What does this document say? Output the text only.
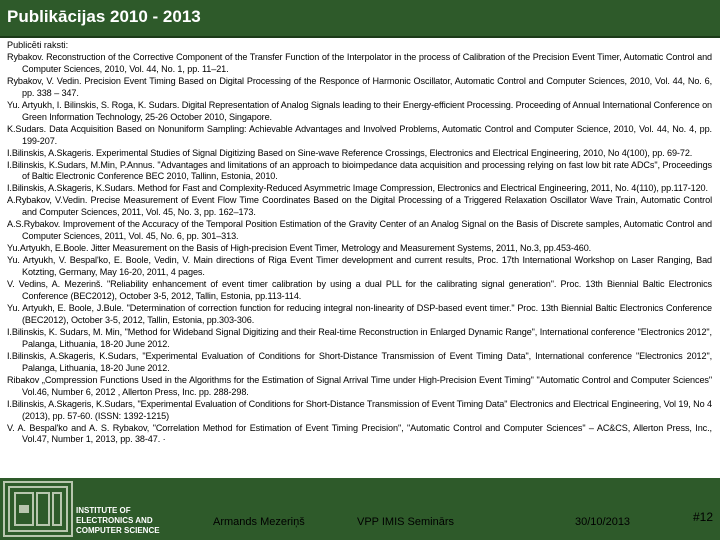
Publikācijas 2010 - 2013

Publicēti raksti:

Rybakov. Reconstruction of the Corrective Component of the Transfer Function of the Interpolator in the process of Calibration of the Precision Event Timer, Automatic Control and Computer Sciences, 2010, Vol. 44, No. 1, pp. 11–21.
Rybakov, V. Vedin. Precision Event Timing Based on Digital Processing of the Responce of Harmonic Oscillator, Automatic Control and Computer Sciences, 2010, Vol. 44, No. 6, pp. 338 – 347.
Yu. Artyukh, I. Bilinskis, S. Roga, K. Sudars. Digital Representation of Analog Signals leading to their Energy-efficient Processing. Proceeding of Annual International Conference on Green Information Technology, 25-26 October 2010, Singapore.
K.Sudars. Data Acquisition Based on Nonuniform Sampling: Achievable Advantages and Involved Problems, Automatic Control and Computer Science, 2010, Vol. 44, No. 4, pp. 199-207.
I.Bilinskis, A.Skageris. Experimental Studies of Signal Digitizing Based on Sine-wave Reference Crossings, Electronics and Electrical Engineering, 2010, No 4(100), pp. 69-72.
I.Bilinskis, K.Sudars, M.Min, P.Annus. "Advantages and limitations of an approach to bioimpedance data acquisition and processing relying on fast low bit rate ADCs", Proceedings of Baltic Electronic Conference BEC 2010, Tallinn, Estonia, 2010.
I.Bilinskis, A.Skageris, K.Sudars. Method for Fast and Complexity-Reduced Asymmetric Image Compression, Electronics and Electrical Engineering, 2011, No. 4(110), pp.117-120.
A.Rybakov, V.Vedin. Precise Measurement of Event Flow Time Coordinates Based on the Digital Processing of a Triggered Relaxation Oscillator Wave Train, Automatic Control and Computer Sciences, 2011, Vol. 45, No. 3, pp. 162–173.
A.S.Rybakov. Improvement of the Accuracy of the Temporal Position Estimation of the Gravity Center of an Analog Signal on the Basis of Discrete samples, Automatic Control and Computer Sciences, 2011, Vol. 45, No. 6, pp. 301–313.
Yu.Artyukh, E.Boole. Jitter Measurement on the Basis of High-precision Event Timer, Metrology and Measurement Systems, 2011, No.3, pp.453-460.
Yu. Artyukh, V. Bespal'ko, E. Boole, Vedin, V. Main directions of Riga Event Timer development and current results, Proc. 17th International Workshop on Laser Ranging, Bad Kotzting, Germany, May 16-20, 2011, 4 pages.
V. Vedins, A. Mezerinš. "Reliability enhancement of event timer calibration by using a dual PLL for the calibrating signal generation". Proc. 13th Biennial Baltic Electronics Conference (BEC2012), October 3-5, 2012, Tallin, Estonia, pp.113-114.
Yu. Artyukh, E. Boole, J.Bule. "Determination of correction function for reducing integral non-linearity of DSP-based event timer." Proc. 13th Biennial Baltic Electronics Conference (BEC2012), October 3-5, 2012, Tallin, Estonia, pp.303-306.
I.Bilinskis, K. Sudars, M. Min, "Method for Wideband Signal Digitizing and their Real-time Reconstruction in Enlarged Dynamic Range", International conference "Electronics 2012", Palanga, Lithuania, 18-20 June 2012.
I.Bilinskis, A.Skageris, K.Sudars, "Experimental Evaluation of Conditions for Short-Distance Transmission of Event Timing Data", International conference "Electronics 2012", Palanga, Lithuania, 18-20 June 2012.
Ribakov „Compression Functions Used in the Algorithms for the Estimation of Signal Arrival Time under High-Precision Event Timing" "Automatic Control and Computer Sciences" Vol.46, Number 6, 2012 , Allerton Press, Inc. pp. 288-298.
I.Bilinskis, A.Skageris, K.Sudars, "Experimental Evaluation of Conditions for Short-Distance Transmission of Event Timing Data" Electronics and Electrical Engineering, Vol 19, No 4 (2013), pp. 57-60. (ISSN: 1392-1215)
V. A. Bespal'ko and A. S. Rybakov, "Correlation Method for Estimation of Event Timing Precision", "Automatic Control and Computer Sciences" – AC&CS, Allerton Press, Inc., Vol.47, Number 1, 2013, pp. 38-47. ·
INSTITUTE OF
ELECTRONICS AND
COMPUTER SCIENCE
Armands Mezeriņš	VPP IMIS Seminārs	30/10/2013	#12
